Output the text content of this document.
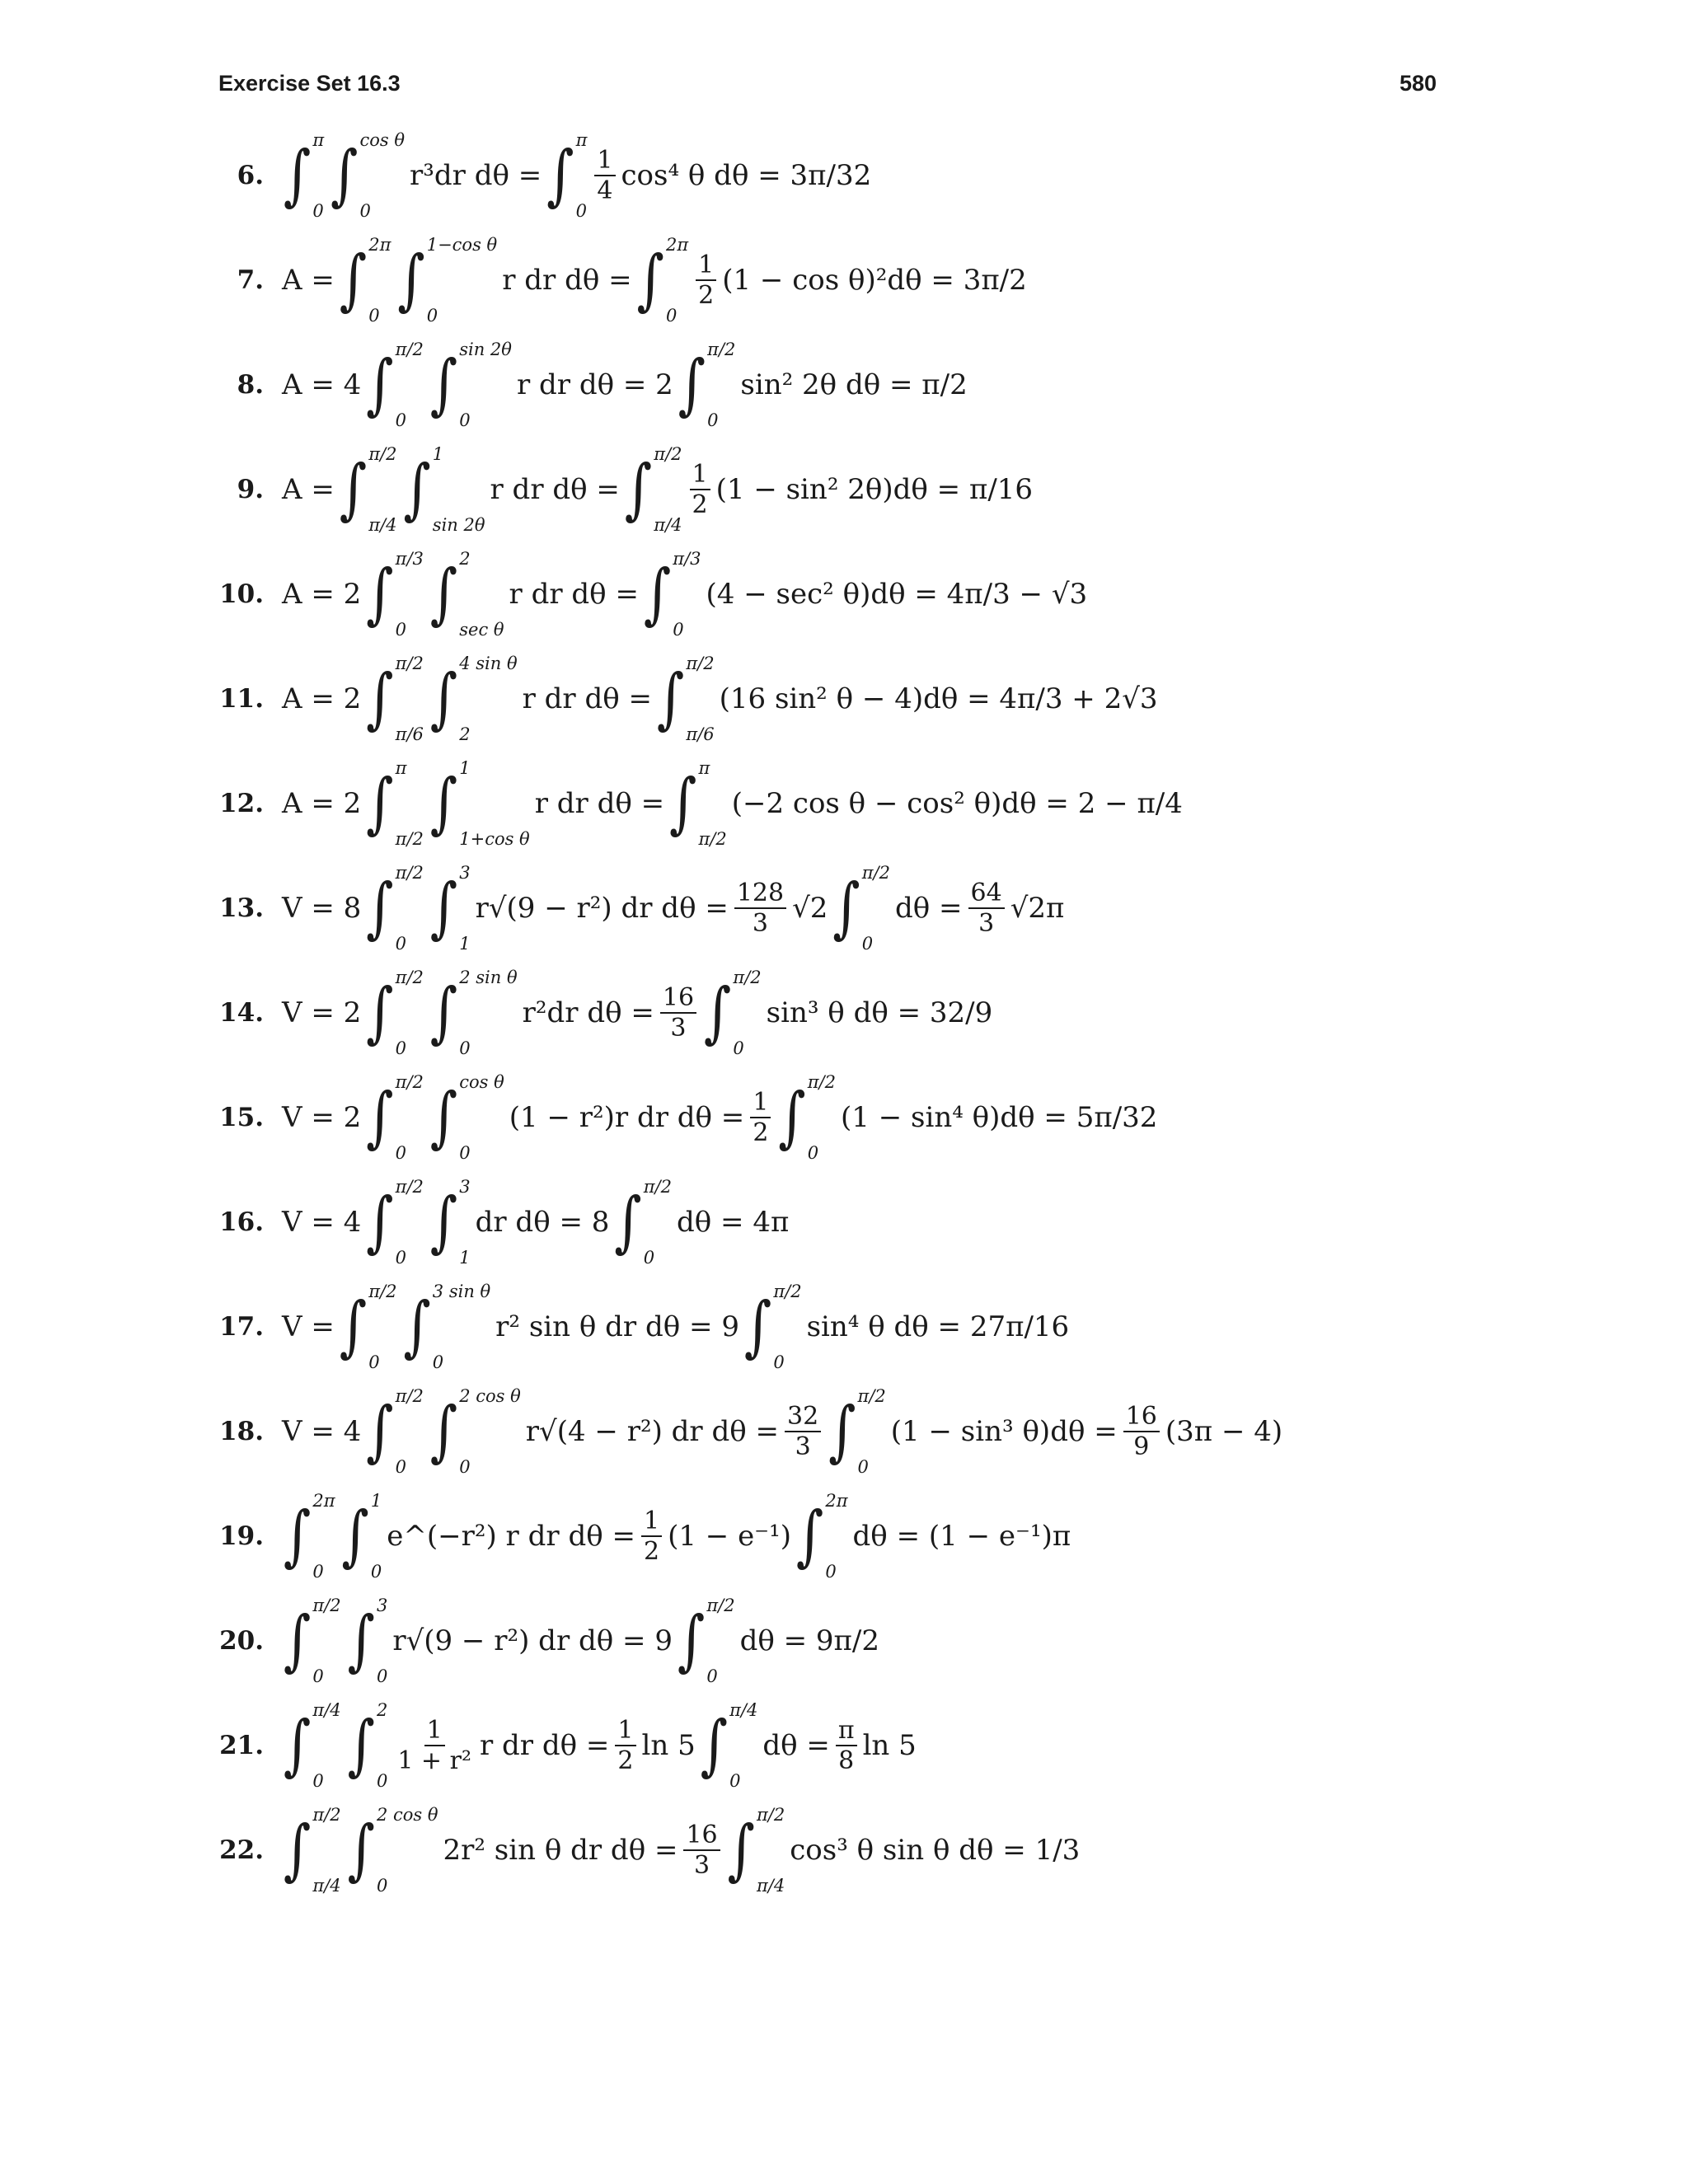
Exercise Set 16.3	580
6. ∫ π
0 ∫ cos θ
0
r³dr dθ = ∫ π
0
$\frac{1}{4} \cos^4$ θ dθ = 3π/32
7. A = ∫ 2π
0 ∫ 1−cos θ
0
r dr dθ = ∫ 2π
0
$\frac{1}{2} (1 - \cos \theta)^2d\theta = 3\pi/2$
8. A = 4 ∫ π/2
0 ∫ sin 2θ
0
r dr dθ = 2 ∫ π/2
0
sin² 2θ dθ = π/2
9. A = ∫ π/2
π/4 ∫ 1
sin 2θ
r dr dθ = ∫ π/2
π/4
$\frac{1}{2} (1 - \sin^2$ 2θ)dθ = π/16
10. A = 2 ∫ π/3
0 ∫ 2
sec θ
r dr dθ = ∫ π/3
0
(4 − sec² θ)dθ = 4π/3 − √3
11. A = 2 ∫ π/2
π/6 ∫ 4 sin θ
2
r dr dθ = ∫ π/2
π/6
(16 sin² θ − 4)dθ = 4π/3 + 2√3
12. A = 2 ∫ π
π/2 ∫ 1
1+cos θ
r dr dθ = ∫ π
π/2
(−2 cos θ − cos² θ)dθ = 2 − π/4
13. V = 8 ∫ π/2
0 ∫ 3
1
r√(9 − r²) dr $d\theta = \frac{128}{3} √2$ ∫ π/2
0
$d\theta = \frac{64}{3} √2\pi$
14. V = 2 ∫ π/2
0 ∫ 2 sin θ
0
r²dr $d\theta = \frac{16}{3}$ ∫ π/2
0
sin³ θ dθ = 32/9
15. V = 2 ∫ π/2
0 ∫ cos θ
0
(1 − r²)r dr $d\theta = \frac{1}{2}$ ∫ π/2
0
(1 − sin⁴ θ)dθ = 5π/32
16. V = 4 ∫ π/2
0 ∫ 3
1
dr dθ = 8 ∫ π/2
0
dθ = 4π
17. V = ∫ π/2
0 ∫ 3 sin θ
0
r² sin θ dr dθ = 9 ∫ π/2
0
sin⁴ θ dθ = 27π/16
18. V = 4 ∫ π/2
0 ∫ 2 cos θ
0
r√(4 − r²) dr $d\theta = \frac{32}{3}$ ∫ π/2
0
(1 − sin³ $\theta)d\theta = \frac{16}{9} (3\pi - 4)$
19. ∫ 2π
0 ∫ 1
0
e^(−r²) r dr $d\theta = \frac{1}{2} (1 - e^{-1})$ ∫ 2π
0
dθ = (1 − e⁻¹)π
20. ∫ π/2
0 ∫ 3
0
r√(9 − r²) dr dθ = 9 ∫ π/2
0
dθ = 9π/2
21. ∫ π/4
0 ∫ 2
0
$\frac{1}{\text{1 + r²}}$ r dr $d\theta = \frac{1}{2}$ ln 5 ∫ π/4
0
$d\theta = \frac{\pi}{8}$ ln 5
22. ∫ π/2
π/4 ∫ 2 cos θ
0
2r² sin θ dr $d\theta = \frac{16}{3}$ ∫ π/2
π/4
cos³ θ sin θ dθ = 1/3
